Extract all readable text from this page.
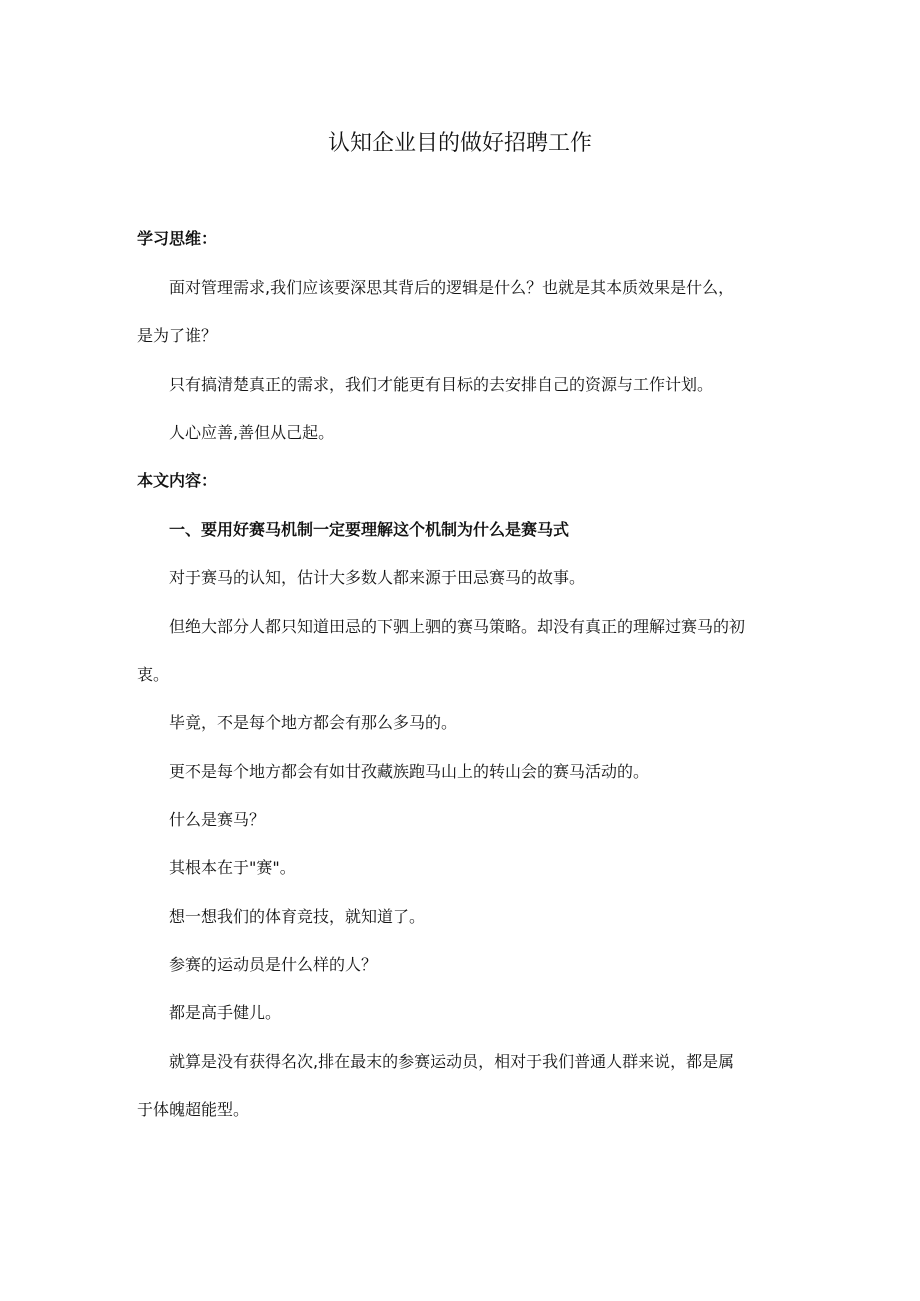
认知企业目的做好招聘工作

学习思维：

面对管理需求,我们应该要深思其背后的逻辑是什么？也就是其本质效果是什么，

是为了谁？

只有搞清楚真正的需求，我们才能更有目标的去安排自己的资源与工作计划。

人心应善,善但从己起。

本文内容：

一、要用好赛马机制一定要理解这个机制为什么是赛马式

对于赛马的认知，估计大多数人都来源于田忌赛马的故事。

但绝大部分人都只知道田忌的下驷上驷的赛马策略。却没有真正的理解过赛马的初

衷。

毕竟，不是每个地方都会有那么多马的。

更不是每个地方都会有如甘孜藏族跑马山上的转山会的赛马活动的。

什么是赛马？

其根本在于"赛"。

想一想我们的体育竞技，就知道了。

参赛的运动员是什么样的人？

都是高手健儿。

就算是没有获得名次,排在最末的参赛运动员，相对于我们普通人群来说，都是属

于体魄超能型。
